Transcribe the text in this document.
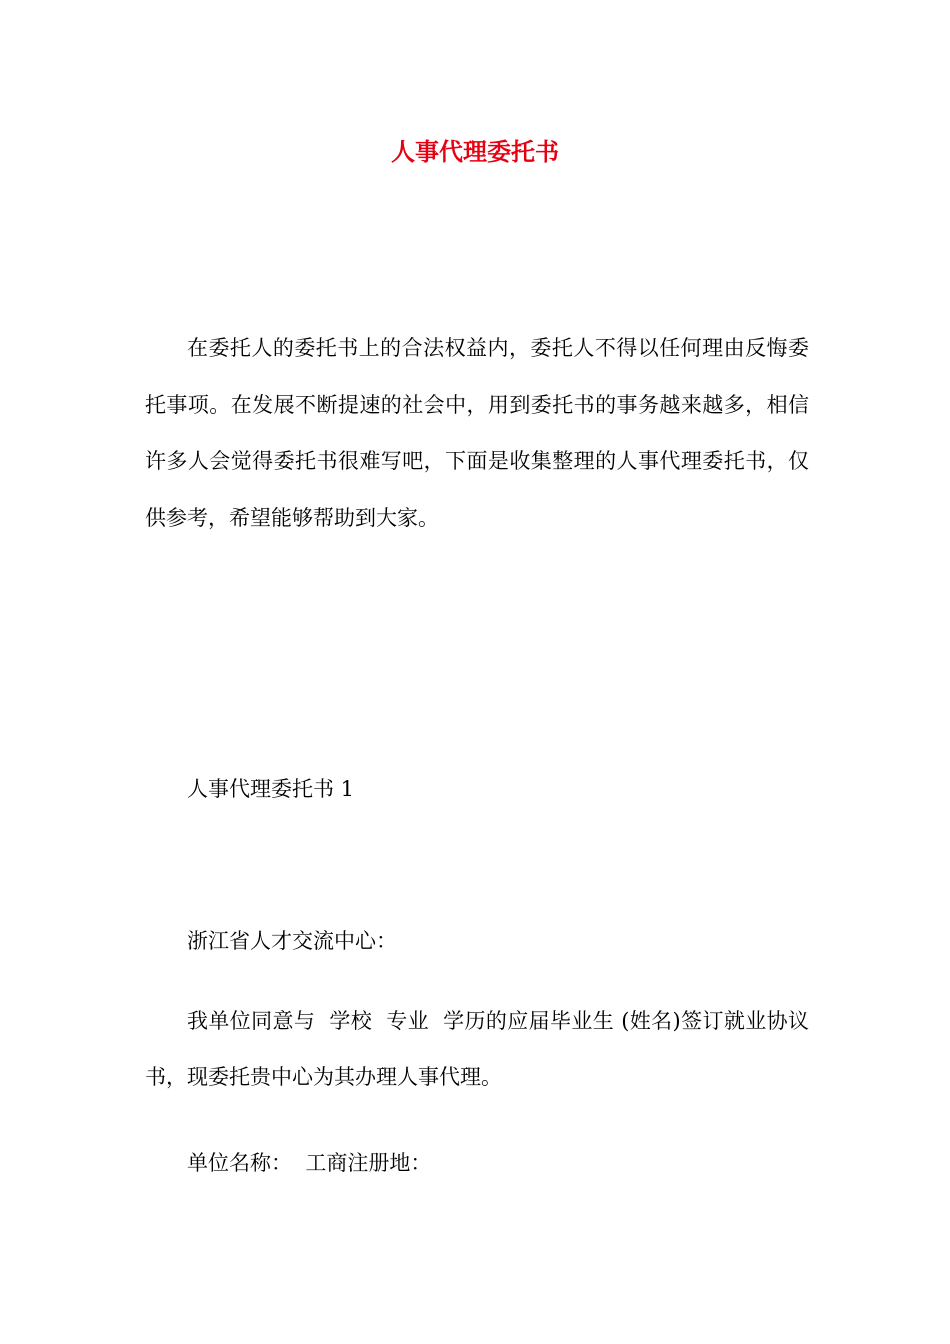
人事代理委托书
在委托人的委托书上的合法权益内，委托人不得以任何理由反悔委托事项。在发展不断提速的社会中，用到委托书的事务越来越多，相信许多人会觉得委托书很难写吧，下面是收集整理的人事代理委托书，仅供参考，希望能够帮助到大家。
人事代理委托书 1
浙江省人才交流中心：
我单位同意与  学校  专业  学历的应届毕业生 (姓名)签订就业协议书，现委托贵中心为其办理人事代理。
单位名称：  工商注册地：
